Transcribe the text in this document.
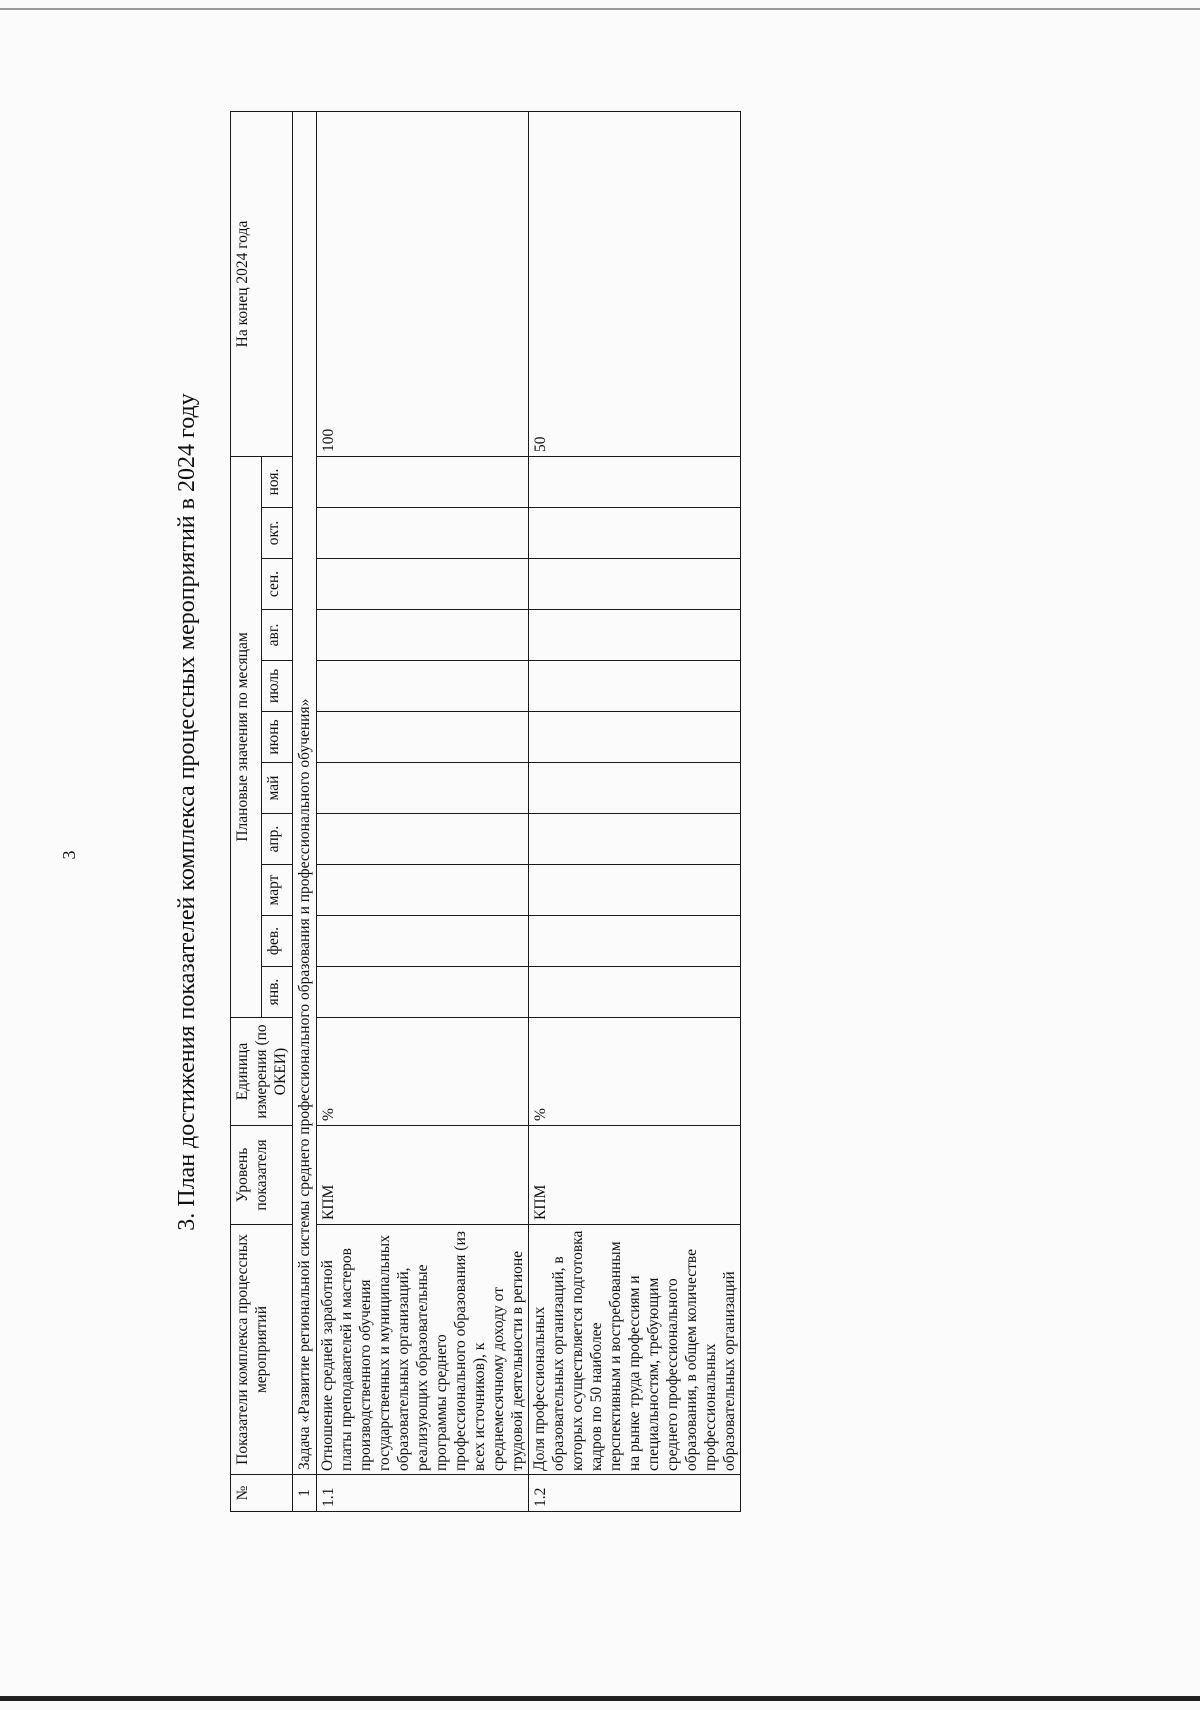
3	3. План достижения показателей комплекса процессных мероприятий в 2024 году
№	Показатели комплекса процессных мероприятий	Уровень показателя	Единица измерения (по ОКЕИ)	Плановые значения по месяцам											На конец 2024 года
				янв.	фев.	март	апр.	май	июнь	июль	авг.	сен.	окт.	ноя.	
1	Задача «Развитие региональной системы среднего профессионального образования и профессионального обучения»														
1.1	Отношение средней заработной платы преподавателей и мастеров производственного обучения государственных и муниципальных образовательных организаций, реализующих образовательные программы среднего профессионального образования (из всех источников), к среднемесячному доходу от трудовой деятельности в регионе	КПМ	%												100
1.2	Доля профессиональных образовательных организаций, в которых осуществляется подготовка кадров по 50 наиболее перспективным и востребованным на рынке труда профессиям и специальностям, требующим среднего профессионального образования, в общем количестве профессиональных образовательных организаций	КПМ	%												50
